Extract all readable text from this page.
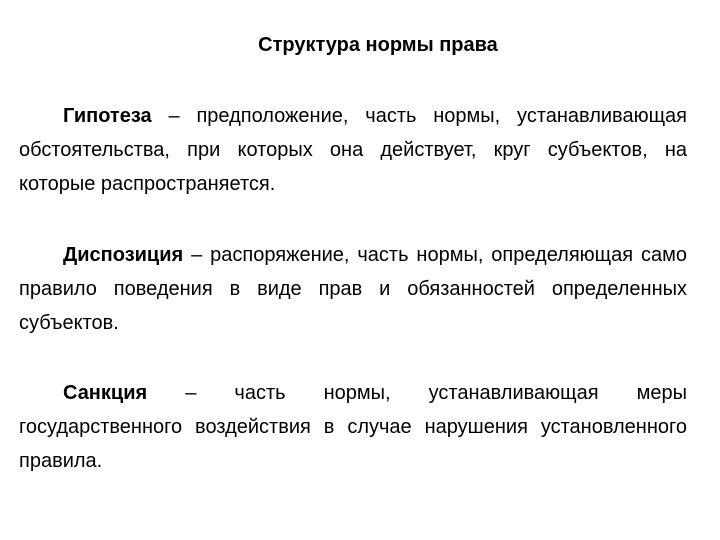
Структура нормы права

Гипотеза – предположение, часть нормы, устанавливающая обстоятельства, при которых она действует, круг субъектов, на которые распространяется.

Диспозиция – распоряжение, часть нормы, определяющая само правило поведения в виде прав и обязанностей определенных субъектов.

Санкция – часть нормы, устанавливающая меры государственного воздействия в случае нарушения установленного правила.
